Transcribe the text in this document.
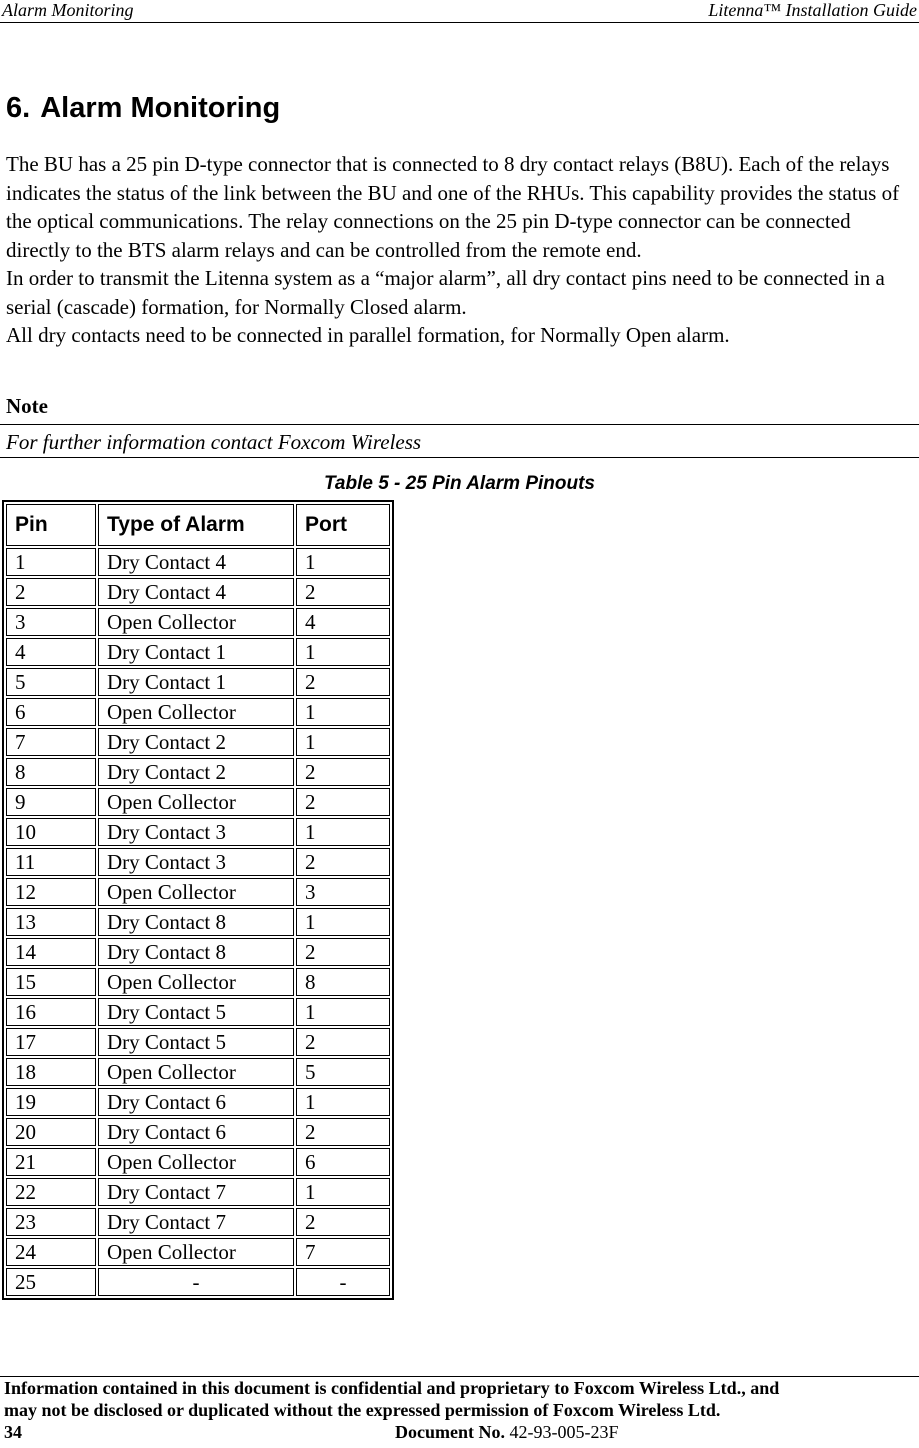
Alarm Monitoring	Litenna™ Installation Guide
6. Alarm Monitoring

The BU has a 25 pin D-type connector that is connected to 8 dry contact relays (B8U). Each of the relays indicates the status of the link between the BU and one of the RHUs. This capability provides the status of the optical communications. The relay connections on the 25 pin D-type connector can be connected directly to the BTS alarm relays and can be controlled from the remote end.

In order to transmit the Litenna system as a “major alarm”, all dry contact pins need to be connected in a serial (cascade) formation, for Normally Closed alarm.

All dry contacts need to be connected in parallel formation, for Normally Open alarm.

Note
For further information contact Foxcom Wireless
Table 5 - 25 Pin Alarm Pinouts
Pin	Type of Alarm	Port
1	Dry Contact 4	1
2	Dry Contact 4	2
3	Open Collector	4
4	Dry Contact 1	1
5	Dry Contact 1	2
6	Open Collector	1
7	Dry Contact 2	1
8	Dry Contact 2	2
9	Open Collector	2
10	Dry Contact 3	1
11	Dry Contact 3	2
12	Open Collector	3
13	Dry Contact 8	1
14	Dry Contact 8	2
15	Open Collector	8
16	Dry Contact 5	1
17	Dry Contact 5	2
18	Open Collector	5
19	Dry Contact 6	1
20	Dry Contact 6	2
21	Open Collector	6
22	Dry Contact 7	1
23	Dry Contact 7	2
24	Open Collector	7
25	-	-
Information contained in this document is confidential and proprietary to Foxcom Wireless Ltd., and
may not be disclosed or duplicated without the expressed permission of Foxcom Wireless Ltd.
34	Document No. 42-93-005-23F
